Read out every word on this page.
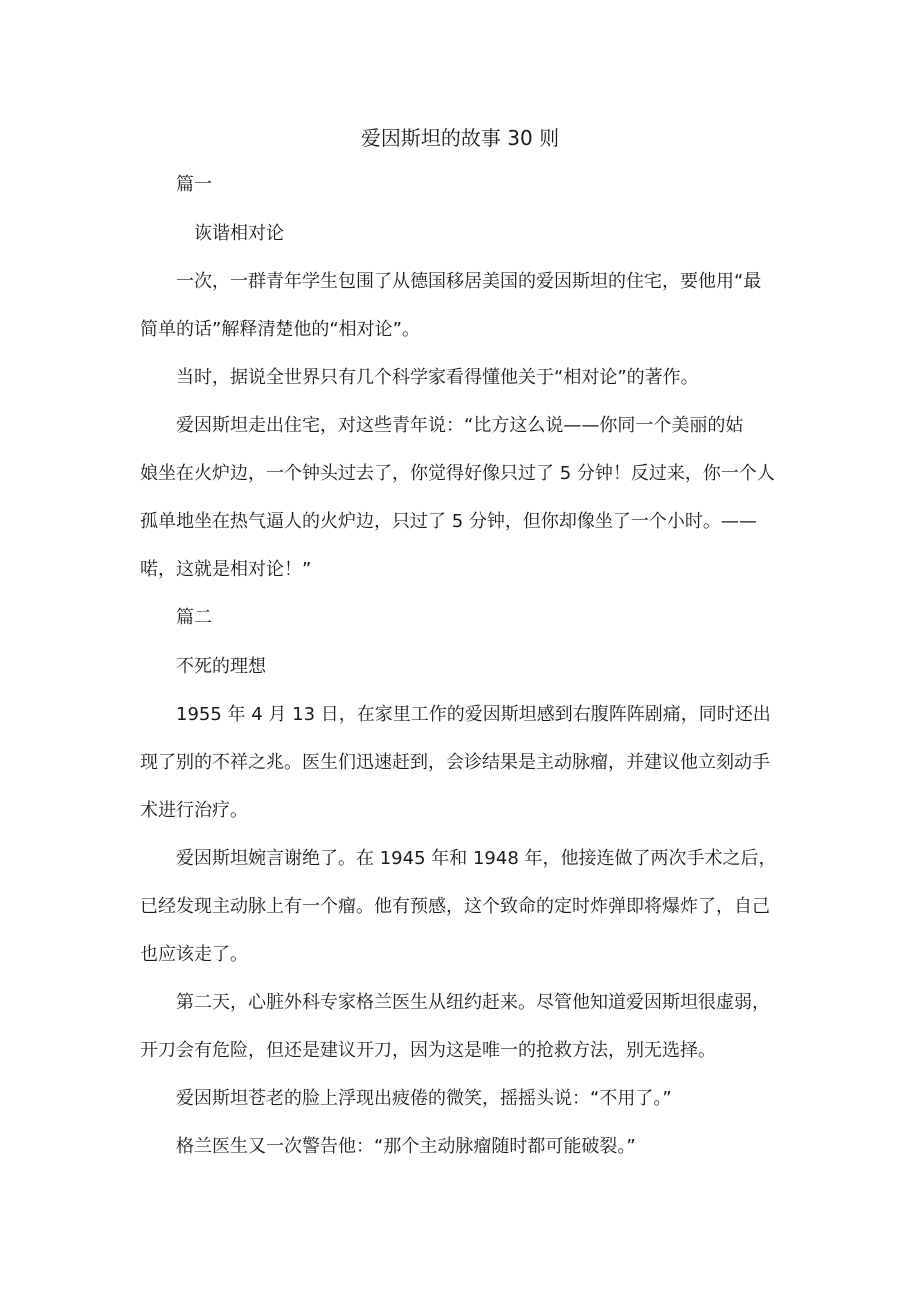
爱因斯坦的故事 30 则
篇一
诙谐相对论
一次，一群青年学生包围了从德国移居美国的爱因斯坦的住宅，要他用“最
简单的话”解释清楚他的“相对论”。
当时，据说全世界只有几个科学家看得懂他关于“相对论”的著作。
爱因斯坦走出住宅，对这些青年说：“比方这么说——你同一个美丽的姑
娘坐在火炉边，一个钟头过去了，你觉得好像只过了 5 分钟！反过来，你一个人
孤单地坐在热气逼人的火炉边，只过了 5 分钟，但你却像坐了一个小时。——
喏，这就是相对论！”
篇二
不死的理想
1955 年 4 月 13 日，在家里工作的爱因斯坦感到右腹阵阵剧痛，同时还出
现了别的不祥之兆。医生们迅速赶到，会诊结果是主动脉瘤，并建议他立刻动手
术进行治疗。
爱因斯坦婉言谢绝了。在 1945 年和 1948 年，他接连做了两次手术之后，
已经发现主动脉上有一个瘤。他有预感，这个致命的定时炸弹即将爆炸了，自己
也应该走了。
第二天，心脏外科专家格兰医生从纽约赶来。尽管他知道爱因斯坦很虚弱，
开刀会有危险，但还是建议开刀，因为这是唯一的抢救方法，别无选择。
爱因斯坦苍老的脸上浮现出疲倦的微笑，摇摇头说：“不用了。”
格兰医生又一次警告他：“那个主动脉瘤随时都可能破裂。”
